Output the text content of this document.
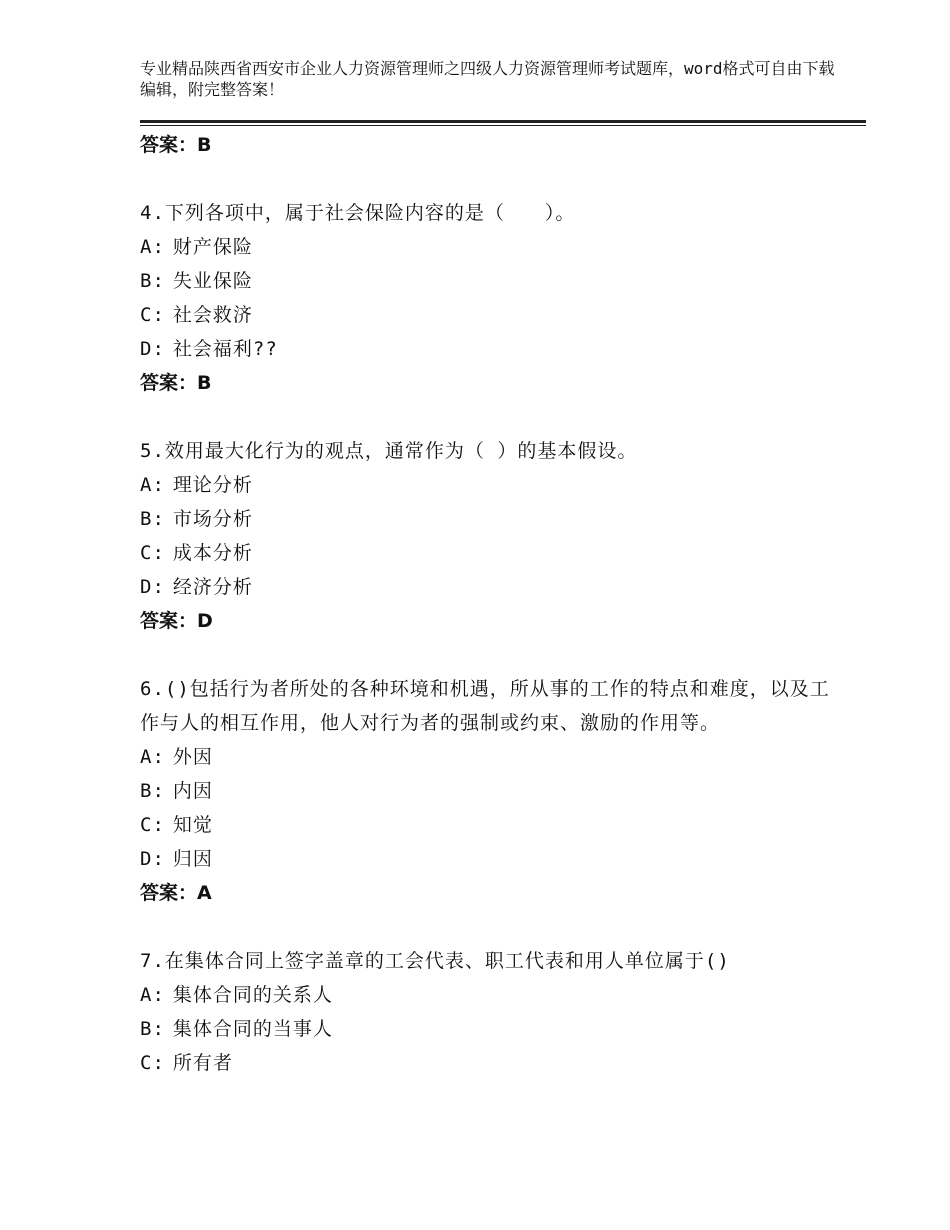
专业精品陕西省西安市企业人力资源管理师之四级人力资源管理师考试题库，word格式可自由下载编辑，附完整答案！
答案：B
4.下列各项中，属于社会保险内容的是（　　）。
A: 财产保险
B: 失业保险
C: 社会救济
D: 社会福利??
答案：B
5.效用最大化行为的观点，通常作为（ ）的基本假设。
A: 理论分析
B: 市场分析
C: 成本分析
D: 经济分析
答案：D
6.()包括行为者所处的各种环境和机遇，所从事的工作的特点和难度，以及工作与人的相互作用，他人对行为者的强制或约束、激励的作用等。
A: 外因
B: 内因
C: 知觉
D: 归因
答案：A
7.在集体合同上签字盖章的工会代表、职工代表和用人单位属于()
A: 集体合同的关系人
B: 集体合同的当事人
C: 所有者
